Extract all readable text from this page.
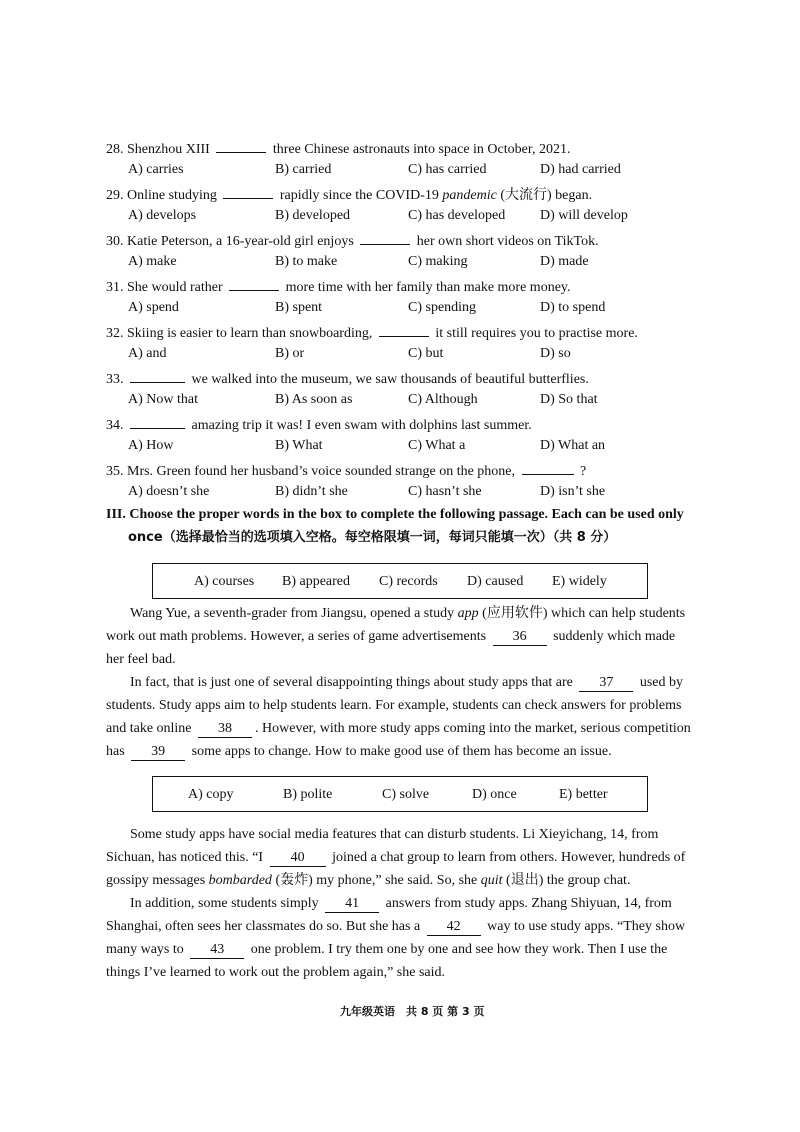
28. Shenzhou XIII	three Chinese astronauts into space in October, 2021.
A) carries	B) carried	C) has carried	D) had carried
29. Online studying	rapidly since the COVID-19 pandemic (大流行) began.
A) develops	B) developed	C) has developed D) will develop
30. Katie Peterson, a 16-year-old girl enjoys	her own short videos on TikTok.
A) make	B) to make	C) making	D) made
31. She would rather	more time with her family than make more money.
A) spend	B) spent	C) spending	D) to spend
32. Skiing is easier to learn than snowboarding,	it still requires you to practise more.
A) and	B) or	C) but	D) so
33.	we walked into the museum, we saw thousands of beautiful butterflies.
A) Now that	B) As soon as	C) Although	D) So that
34.	amazing trip it was! I even swam with dolphins last summer.
A) How	B) What	C) What a	D) What an
35. Mrs. Green found her husband’s voice sounded strange on the phone,	?
A) doesn’t she	B) didn’t she	C) hasn’t she	D) isn’t she
III. Choose the proper words in the box to complete the following passage. Each can be used only
once（选择最恰当的选项填入空格。每空格限填一词，每词只能填一次）（共 8 分）
A) courses B) appeared C) records D) caused E) widely
Wang Yue, a seventh-grader from Jiangsu, opened a study app (应用软件) which can help students
work out math problems. However, a series of game advertisements 36 suddenly which made
her feel bad.
In fact, that is just one of several disappointing things about study apps that are 37 used by
students. Study apps aim to help students learn. For example, students can check answers for problems
and take online 38 . However, with more study apps coming into the market, serious competition
has 39 some apps to change. How to make good use of them has become an issue.
A) copy	B) polite	C) solve	D) once	E) better
Some study apps have social media features that can disturb students. Li Xieyichang, 14, from
Sichuan, has noticed this. “I 40 joined a chat group to learn from others. However, hundreds of
gossipy messages bombarded (轰炸) my phone,” she said. So, she quit (退出) the group chat.
In addition, some students simply 41 answers from study apps. Zhang Shiyuan, 14, from
Shanghai, often sees her classmates do so. But she has a 42 way to use study apps. “They show
many ways to 43 one problem. I try them one by one and see how they work. Then I use the
things I’ve learned to work out the problem again,” she said.
九年级英语　共 8 页 第 3 页
